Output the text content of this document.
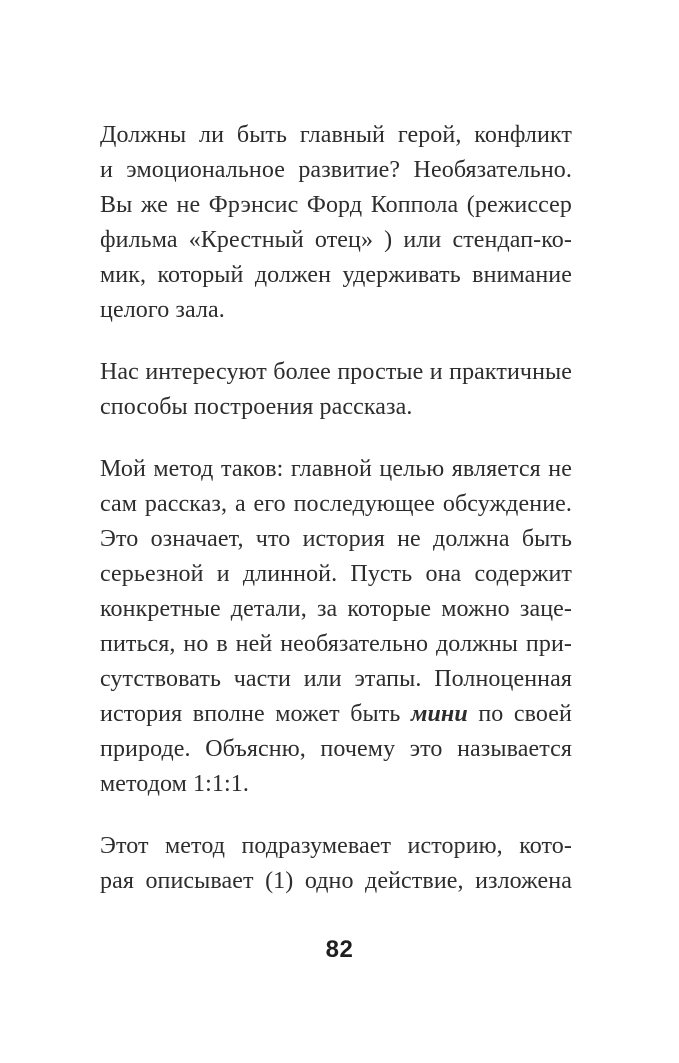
Должны ли быть главный герой, конфликт
и эмоциональное развитие? Необязательно.
Вы же не Фрэнсис Форд Коппола (режиссер
фильма «Крестный отец» ) или стендап-ко-
мик, который должен удерживать внимание
целого зала.
Нас интересуют более простые и практичные
способы построения рассказа.
Мой метод таков: главной целью является не
сам рассказ, а его последующее обсуждение.
Это означает, что история не должна быть
серьезной и длинной. Пусть она содержит
конкретные детали, за которые можно заце-
питься, но в ней необязательно должны при-
сутствовать части или этапы. Полноценная
история вполне может быть мини по своей
природе. Объясню, почему это называется
методом 1:1:1.
Этот метод подразумевает историю, кото-
рая описывает (1) одно действие, изложена
82
